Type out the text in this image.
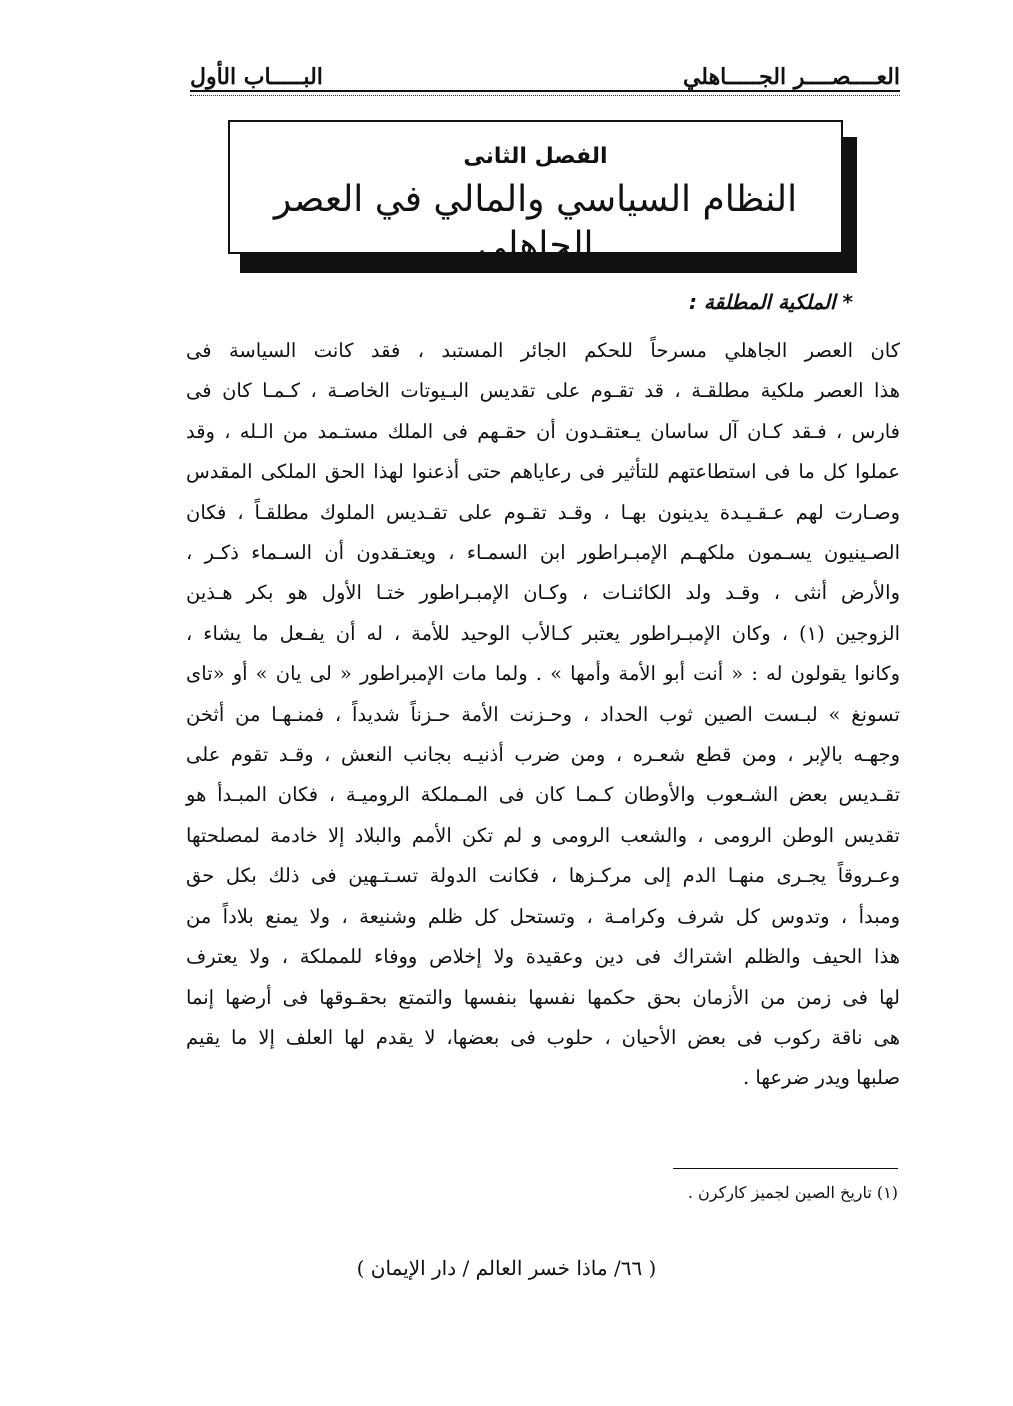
العــــصــــر الجـــــاهلي
البـــــاب الأول
الفصل الثانى
النظام السياسي والمالي في العصر الجاهلي
* الملكية المطلقة :
كان العصر الجاهلي مسرحاً للحكم الجائر المستبد ، فقد كانت السياسة فى
هذا العصر ملكية مطلقـة ، قد تقـوم على تقديس البـيوتات الخاصـة ، كـمـا كان فى
فارس ، فـقد كـان آل ساسان يـعتقـدون أن حقـهم فى الملك مستـمد من الـله ، وقد
عملوا كل ما فى استطاعتهم للتأثير فى رعاياهم حتى أذعنوا لهذا الحق الملكى المقدس
وصـارت لهم عـقـيـدة يدينون بهـا ، وقـد تقـوم على تقـديس الملوك مطلقـاً ، فكان
الصـينيون يسـمون ملكهـم الإمبـراطور ابن السمـاء ، ويعتـقدون أن السـماء ذكـر ،
والأرض أنثى ، وقـد ولد الكائنـات ، وكـان الإمبـراطور ختـا الأول هو بكر هـذين
الزوجين (١) ، وكان الإمبـراطور يعتبر كـالأب الوحيد للأمة ، له أن يفـعل ما يشاء ،
وكانوا يقولون له : « أنت أبو الأمة وأمها » . ولما مات الإمبراطور « لى يان » أو «تاى
تسونغ » لبـست الصين ثوب الحداد ، وحـزنت الأمة حـزناً شديداً ، فمنـهـا من أثخن
وجهـه بالإبر ، ومن قطع شعـره ، ومن ضرب أذنيـه بجانب النعش ، وقـد تقوم على
تقـديس بعض الشـعوب والأوطان كـمـا كان فى المـملكة الروميـة ، فكان المبـدأ هو
تقديس الوطن الرومى ، والشعب الرومى و لم تكن الأمم والبلاد إلا خادمة لمصلحتها
وعـروقاً يجـرى منهـا الدم إلى مركـزها ، فكانت الدولة تسـتـهين فى ذلك بكل حق
ومبدأ ، وتدوس كل شرف وكرامـة ، وتستحل كل ظلم وشنيعة ، ولا يمنع بلاداً من
هذا الحيف والظلم اشتراك فى دين وعقيدة ولا إخلاص ووفاء للمملكة ، ولا يعترف
لها فى زمن من الأزمان بحق حكمها نفسها بنفسها والتمتع بحقـوقها فى أرضها إنما
هى ناقة ركوب فى بعض الأحيان ، حلوب فى بعضها، لا يقدم لها العلف إلا ما يقيم
صلبها ويدر ضرعها .
(١) تاريخ الصين لجميز كاركرن .
( ٦٦/ ماذا خسر العالم / دار الإيمان )
